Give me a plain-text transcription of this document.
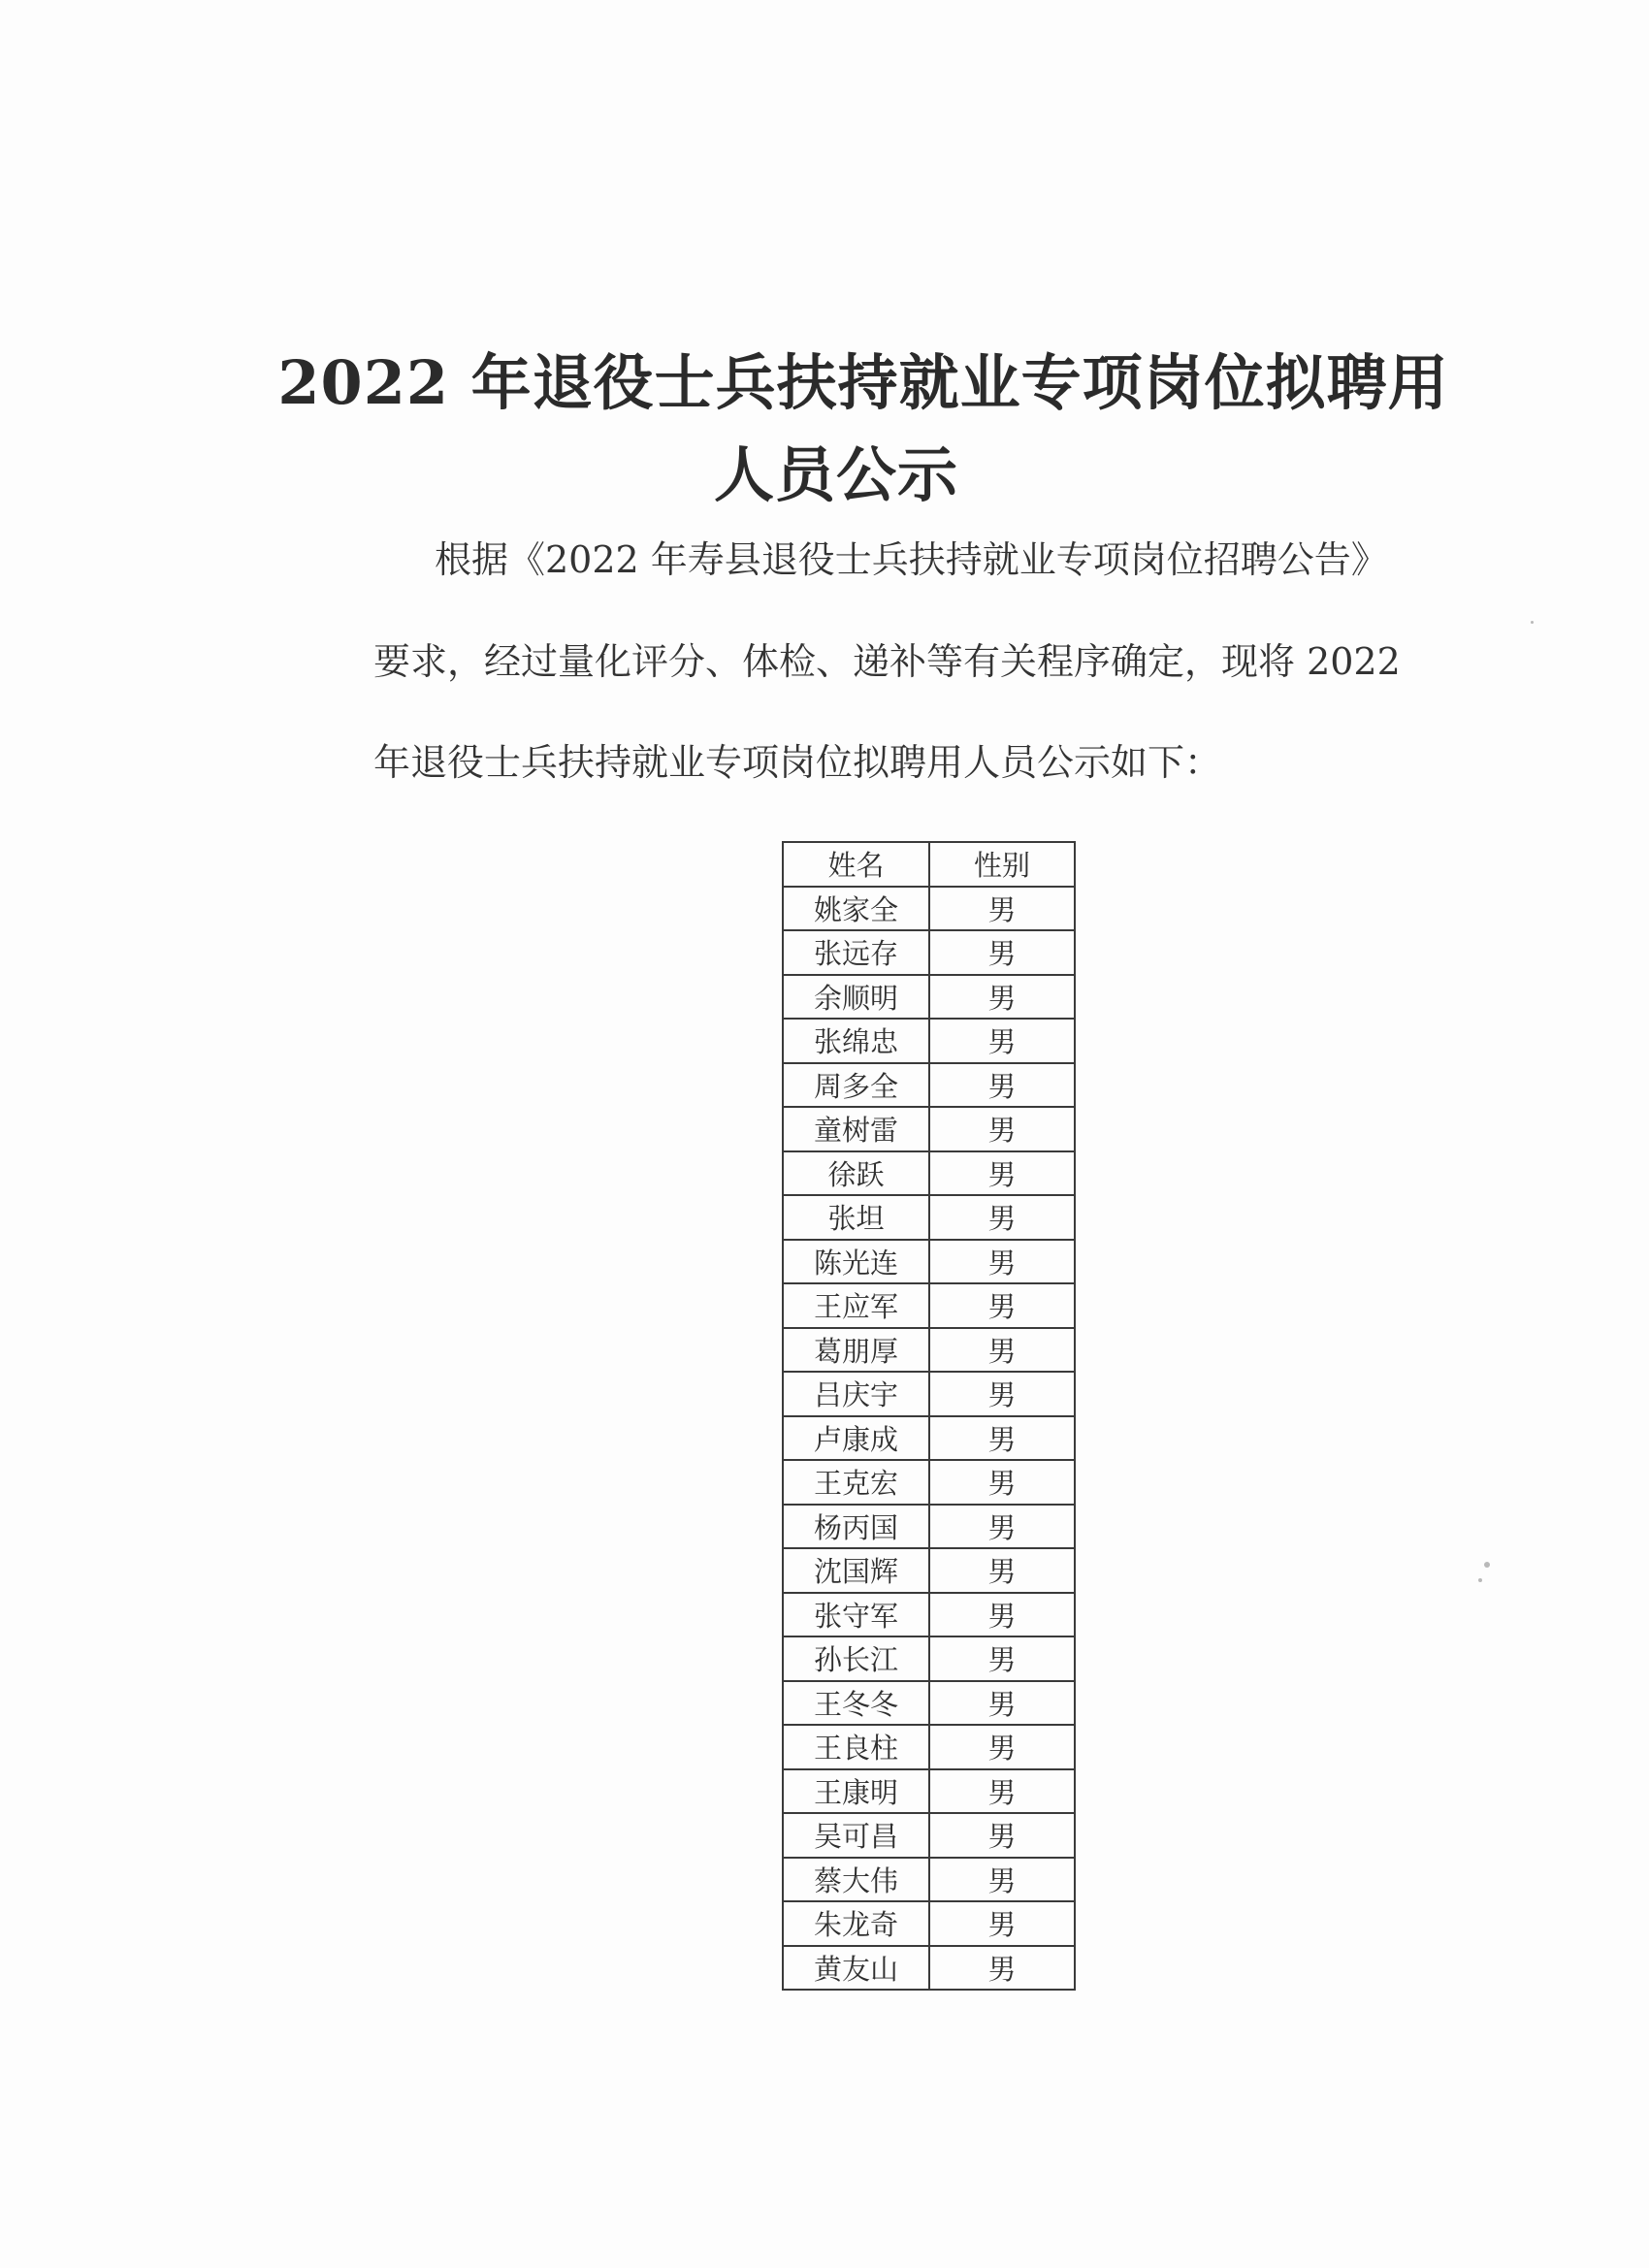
2022 年退役士兵扶持就业专项岗位拟聘用
人员公示
根据《2022 年寿县退役士兵扶持就业专项岗位招聘公告》
要求，经过量化评分、体检、递补等有关程序确定，现将 2022
年退役士兵扶持就业专项岗位拟聘用人员公示如下：
姓名	性别
姚家全	男
张远存	男
余顺明	男
张绵忠	男
周多全	男
童树雷	男
徐跃	男
张坦	男
陈光连	男
王应军	男
葛朋厚	男
吕庆宇	男
卢康成	男
王克宏	男
杨丙国	男
沈国辉	男
张守军	男
孙长江	男
王冬冬	男
王良柱	男
王康明	男
吴可昌	男
蔡大伟	男
朱龙奇	男
黄友山	男
